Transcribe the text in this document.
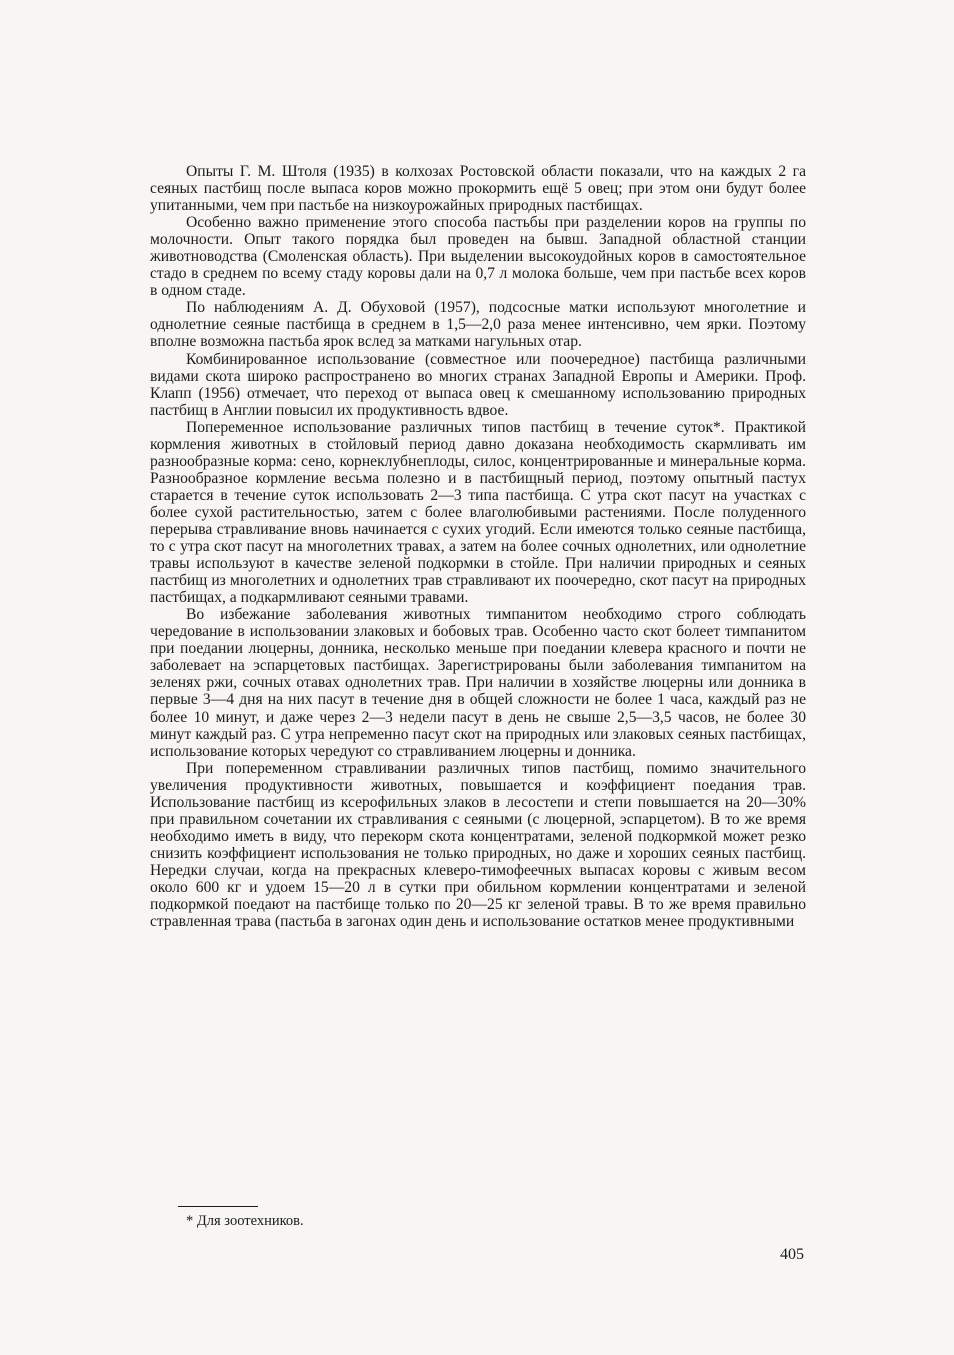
Опыты Г. М. Штоля (1935) в колхозах Ростовской области показали, что на каждых 2 га сеяных пастбищ после выпаса коров можно прокормить ещё 5 овец; при этом они будут более упитанными, чем при пастьбе на низкоурожайных природных пастбищах.

Особенно важно применение этого способа пастьбы при разделении коров на группы по молочности. Опыт такого порядка был проведен на бывш. Западной областной станции животноводства (Смоленская область). При выделении высокоудойных коров в самостоятельное стадо в среднем по всему стаду коровы дали на 0,7 л молока больше, чем при пастьбе всех коров в одном стаде.

По наблюдениям А. Д. Обуховой (1957), подсосные матки используют многолетние и однолетние сеяные пастбища в среднем в 1,5—2,0 раза менее интенсивно, чем ярки. Поэтому вполне возможна пастьба ярок вслед за матками нагульных отар.

Комбинированное использование (совместное или поочередное) пастбища различными видами скота широко распространено во многих странах Западной Европы и Америки. Проф. Клапп (1956) отмечает, что переход от выпаса овец к смешанному использованию природных пастбищ в Англии повысил их продуктивность вдвое.

Попеременное использование различных типов пастбищ в течение суток*. Практикой кормления животных в стойловый период давно доказана необходимость скармливать им разнообразные корма: сено, корнеклубнеплоды, силос, концентрированные и минеральные корма. Разнообразное кормление весьма полезно и в пастбищный период, поэтому опытный пастух старается в течение суток использовать 2—3 типа пастбища. С утра скот пасут на участках с более сухой растительностью, затем с более влаголюбивыми растениями. После полуденного перерыва стравливание вновь начинается с сухих угодий. Если имеются только сеяные пастбища, то с утра скот пасут на многолетних травах, а затем на более сочных однолетних, или однолетние травы используют в качестве зеленой подкормки в стойле. При наличии природных и сеяных пастбищ из многолетних и однолетних трав стравливают их поочередно, скот пасут на природных пастбищах, а подкармливают сеяными травами.

Во избежание заболевания животных тимпанитом необходимо строго соблюдать чередование в использовании злаковых и бобовых трав. Особенно часто скот болеет тимпанитом при поедании люцерны, донника, несколько меньше при поедании клевера красного и почти не заболевает на эспарцетовых пастбищах. Зарегистрированы были заболевания тимпанитом на зеленях ржи, сочных отавах однолетних трав. При наличии в хозяйстве люцерны или донника в первые 3—4 дня на них пасут в течение дня в общей сложности не более 1 часа, каждый раз не более 10 минут, и даже через 2—3 недели пасут в день не свыше 2,5—3,5 часов, не более 30 минут каждый раз. С утра непременно пасут скот на природных или злаковых сеяных пастбищах, использование которых чередуют со стравливанием люцерны и донника.

При попеременном стравливании различных типов пастбищ, помимо значительного увеличения продуктивности животных, повышается и коэффициент поедания трав. Использование пастбищ из ксерофильных злаков в лесостепи и степи повышается на 20—30% при правильном сочетании их стравливания с сеяными (с люцерной, эспарцетом). В то же время необходимо иметь в виду, что перекорм скота концентратами, зеленой подкормкой может резко снизить коэффициент использования не только природных, но даже и хороших сеяных пастбищ. Нередки случаи, когда на прекрасных клеверо-тимофеечных выпасах коровы с живым весом около 600 кг и удоем 15—20 л в сутки при обильном кормлении концентратами и зеленой подкормкой поедают на пастбище только по 20—25 кг зеленой травы. В то же время правильно стравленная трава (пастьба в загонах один день и использование остатков менее продуктивными

* Для зоотехников.
405
